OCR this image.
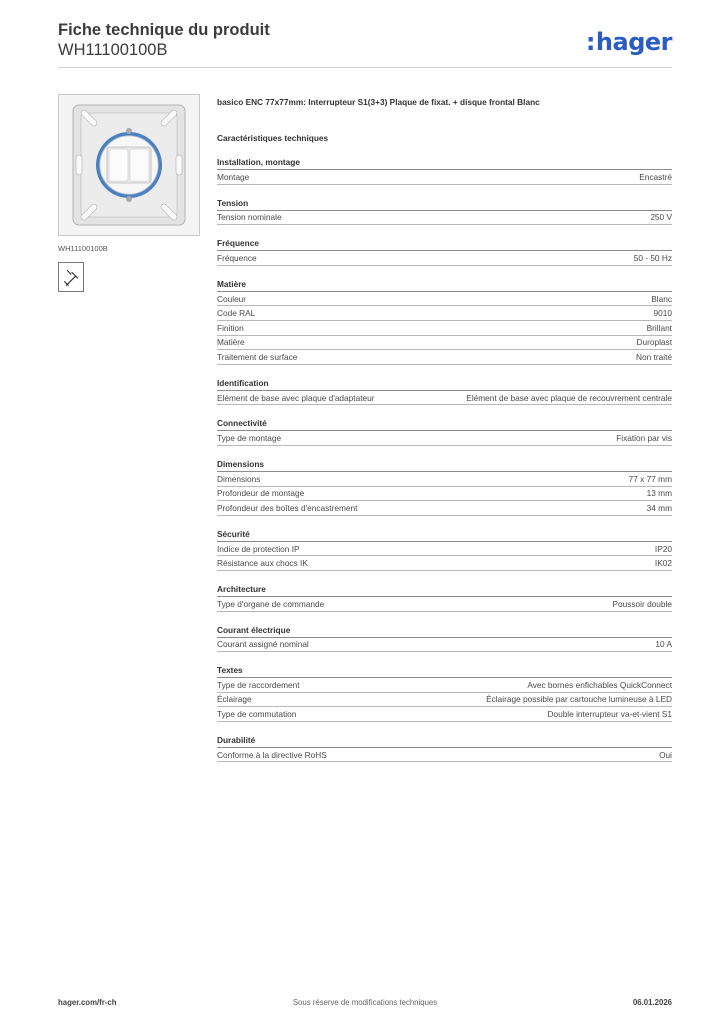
Fiche technique du produit
WH11100100B	:hager
WH11100100B
basico ENC 77x77mm: Interrupteur S1(3+3) Plaque de fixat. + disque frontal Blanc
Caractéristiques techniques
Installation, montage
Montage	Encastré
Tension
Tension nominale	250 V
Fréquence
Fréquence	50 - 50 Hz
Matière
Couleur	Blanc
Code RAL	9010
Finition	Brillant
Matière	Duroplast
Traitement de surface	Non traité
Identification
Elément de base avec plaque d'adaptateur	Elément de base avec plaque de recouvrement centrale
Connectivité
Type de montage	Fixation par vis
Dimensions
Dimensions	77 x 77 mm
Profondeur de montage	13 mm
Profondeur des boîtes d'encastrement	34 mm
Sécurité
Indice de protection IP	IP20
Résistance aux chocs IK	IK02
Architecture
Type d'organe de commande	Poussoir double
Courant électrique
Courant assigné nominal	10 A
Textes
Type de raccordement	Avec bornes enfichables QuickConnect
Éclairage	Éclairage possible par cartouche lumineuse à LED
Type de commutation	Double interrupteur va-et-vient S1
Durabilité
Conforme à la directive RoHS	Oui
hager.com/fr-ch	Sous réserve de modifications techniques	06.01.2026
